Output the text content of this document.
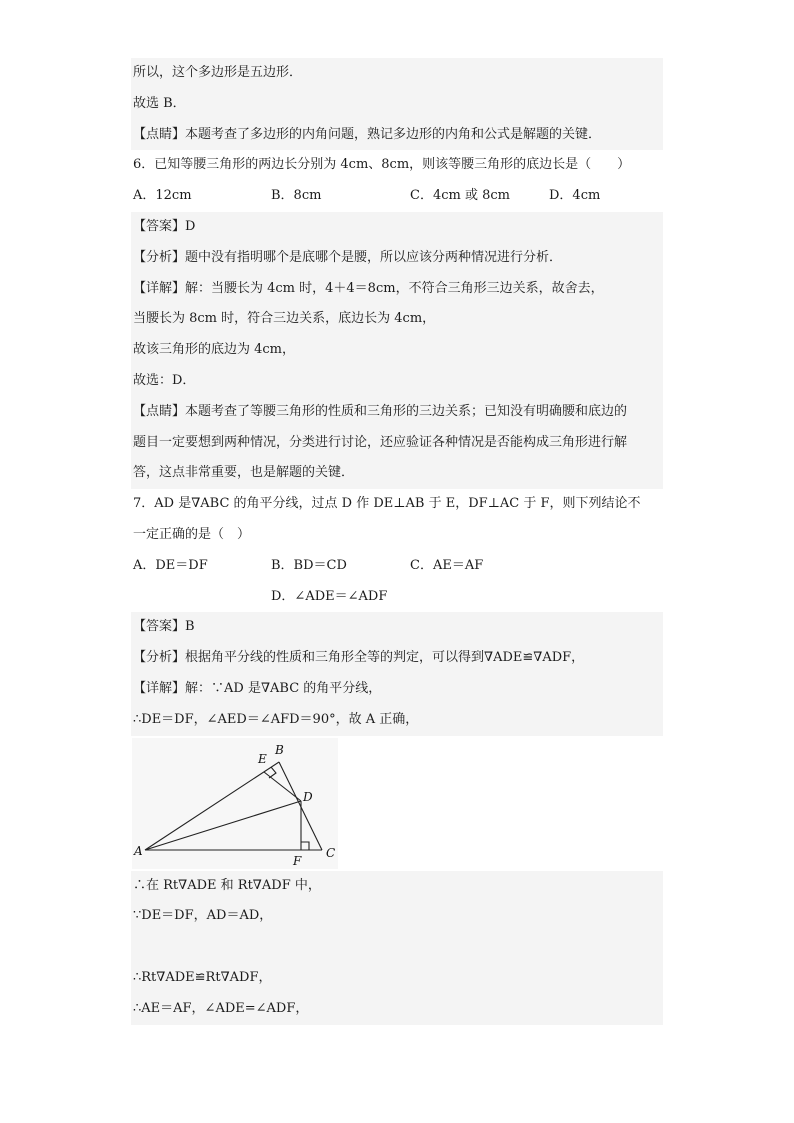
所以，这个多边形是五边形．
故选 B．
【点睛】本题考查了多边形的内角问题，熟记多边形的内角和公式是解题的关键．
6．已知等腰三角形的两边长分别为 4cm、8cm，则该等腰三角形的底边长是（　　）
A．12cm	B．8cm	C．4cm 或 8cm	D．4cm
【答案】D
【分析】题中没有指明哪个是底哪个是腰，所以应该分两种情况进行分析．
【详解】解：当腰长为 4cm 时，4＋4＝8cm，不符合三角形三边关系，故舍去，
当腰长为 8cm 时，符合三边关系，底边长为 4cm，
故该三角形的底边为 4cm，
故选：D．
【点睛】本题考查了等腰三角形的性质和三角形的三边关系；已知没有明确腰和底边的
题目一定要想到两种情况，分类进行讨论，还应验证各种情况是否能构成三角形进行解
答，这点非常重要，也是解题的关键．
7．AD 是∇ABC 的角平分线，过点 D 作 DE⊥AB 于 E，DF⊥AC 于 F，则下列结论不
一定正确的是（　）
A．DE＝DF	B．BD＝CD	C．AE＝AF
D．∠ADE＝∠ADF
【答案】B
【分析】根据角平分线的性质和三角形全等的判定，可以得到∇ADE≌∇ADF，
【详解】解：∵AD 是∇ABC 的角平分线，
∴DE＝DF，∠AED＝∠AFD＝90°，故 A 正确，
A
B
C
D
E
F
∴在 Rt∇ADE 和 Rt∇ADF 中，
∵DE＝DF，AD＝AD，
∴Rt∇ADE≌Rt∇ADF，
∴AE＝AF，∠ADE=∠ADF，
